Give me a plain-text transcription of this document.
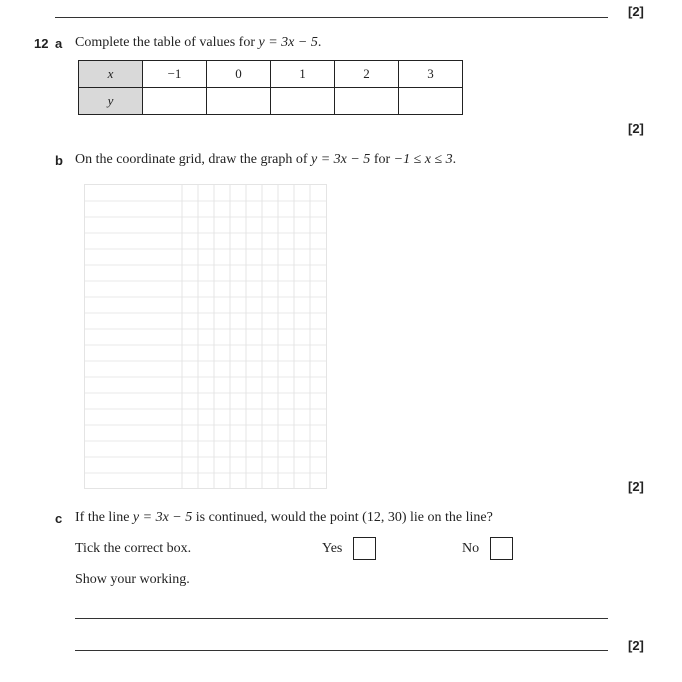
[2]
12 a Complete the table of values for y = 3x − 5.
x	−1	0	1	2	3
y					
[2]
b On the coordinate grid, draw the graph of y = 3x − 5 for −1 ≤ x ≤ 3.
[2]
c If the line y = 3x − 5 is continued, would the point (12, 30) lie on the line?
Tick the correct box.	Yes	No
Show your working.
[2]
